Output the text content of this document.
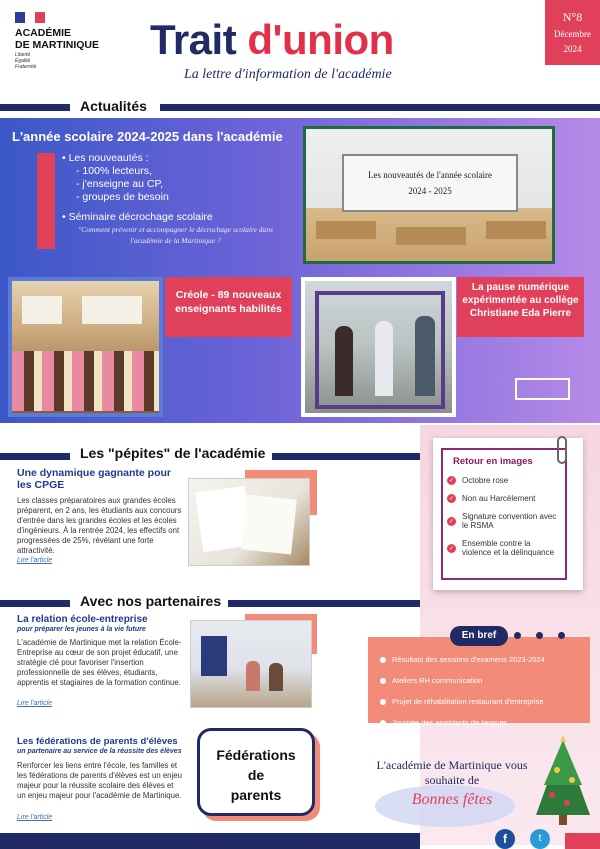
ACADÉMIE
DE MARTINIQUE
Liberté
Égalité
Fraternité
Trait d'union
La lettre d'information de l'académie
N°8
Décembre
2024
Actualités
L'année scolaire 2024-2025 dans l'académie
• Les nouveautés :
- 100% lecteurs,
- j'enseigne au CP,
- groupes de besoin
• Séminaire décrochage scolaire
"Comment prévenir et accompagner le décrochage scolaire dans l'académie de la Martinique ?
Les nouveautés de l'année scolaire
2024 - 2025
Créole - 89 nouveaux enseignants habilités
La pause numérique expérimentée au collège Christiane Eda Pierre
Les "pépites" de l'académie
Une dynamique gagnante pour les CPGE
Les classes préparatoires aux grandes écoles préparent, en 2 ans, les étudiants aux concours d'entrée dans les grandes écoles et les écoles d'ingénieurs. À la rentrée 2024, les effectifs ont progressées de 25%, révélant une forte attractivité.
Lire l'article
Retour en images
✓ Octobre rose
✓ Non au Harcèlement
✓
Signature convention avec le RSMA
✓
Ensemble contre la violence et la délinquance
Avec nos partenaires
La relation école-entreprise
pour préparer les jeunes à la vie future
L'académie de Martinique met la relation École-Entreprise au cœur de son projet éducatif, une stratégie clé pour favoriser l'insertion professionnelle de ses élèves, étudiants, apprentis et stagiaires de la formation continue.
Lire l'article
Les fédérations de parents d'élèves
un partenaire au service de la réussite des élèves
Renforcer les liens entre l'école, les familles et les fédérations de parents d'élèves est un enjeu majeur pour la réussite scolaire des élèves et un enjeu majeur pour l'académie de Martinique.
Lire l'article
Fédérations
de
parents
Résultats des sessions d'examens 2023-2024
Ateliers RH communication
Projet de réhabilitation restaurant d'entreprise
Journée des assistants de langues
En bref
L'académie de Martinique vous
souhaite de
Bonnes fêtes
f	t
